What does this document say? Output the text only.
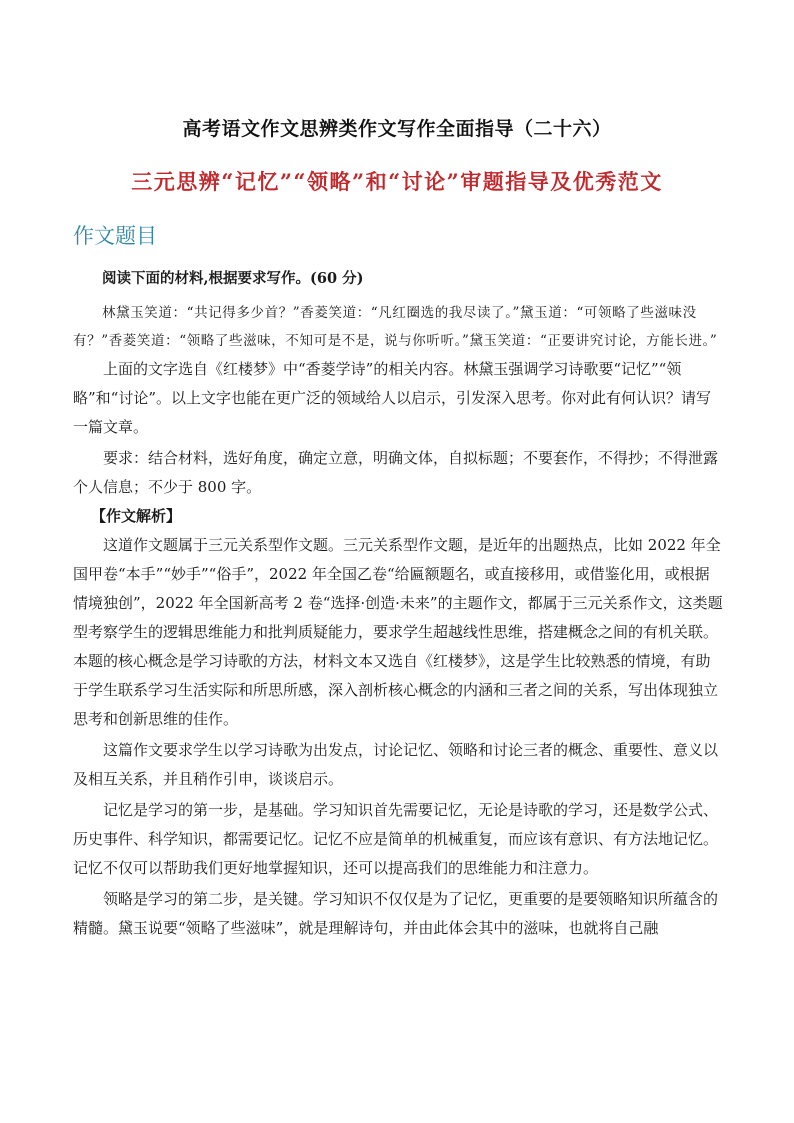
高考语文作文思辨类作文写作全面指导（二十六）
三元思辨“记忆”“领略”和“讨论”审题指导及优秀范文
作文题目

阅读下面的材料,根据要求写作。(60 分)

林黛玉笑道：“共记得多少首？”香菱笑道：“凡红圈选的我尽读了。”黛玉道：“可领略了些滋味没有？”香菱笑道：“领略了些滋味，不知可是不是，说与你听听。”黛玉笑道：“正要讲究讨论，方能长进。”

上面的文字选自《红楼梦》中“香菱学诗”的相关内容。林黛玉强调学习诗歌要“记忆”“领略”和“讨论”。以上文字也能在更广泛的领域给人以启示，引发深入思考。你对此有何认识？请写一篇文章。

要求：结合材料，选好角度，确定立意，明确文体，自拟标题；不要套作，不得抄；不得泄露个人信息；不少于 800 字。

【作文解析】

这道作文题属于三元关系型作文题。三元关系型作文题，是近年的出题热点，比如 2022 年全国甲卷“本手”“妙手”“俗手”，2022 年全国乙卷“给匾额题名，或直接移用，或借鉴化用，或根据情境独创”，2022 年全国新高考 2 卷“选择·创造·未来”的主题作文，都属于三元关系作文，这类题型考察学生的逻辑思维能力和批判质疑能力，要求学生超越线性思维，搭建概念之间的有机关联。本题的核心概念是学习诗歌的方法，材料文本又选自《红楼梦》，这是学生比较熟悉的情境，有助于学生联系学习生活实际和所思所感，深入剖析核心概念的内涵和三者之间的关系，写出体现独立思考和创新思维的佳作。

这篇作文要求学生以学习诗歌为出发点，讨论记忆、领略和讨论三者的概念、重要性、意义以及相互关系，并且稍作引申，谈谈启示。

记忆是学习的第一步，是基础。学习知识首先需要记忆，无论是诗歌的学习，还是数学公式、历史事件、科学知识，都需要记忆。记忆不应是简单的机械重复，而应该有意识、有方法地记忆。记忆不仅可以帮助我们更好地掌握知识，还可以提高我们的思维能力和注意力。

领略是学习的第二步，是关键。学习知识不仅仅是为了记忆，更重要的是要领略知识所蕴含的精髓。黛玉说要“领略了些滋味”，就是理解诗句，并由此体会其中的滋味，也就将自己融
